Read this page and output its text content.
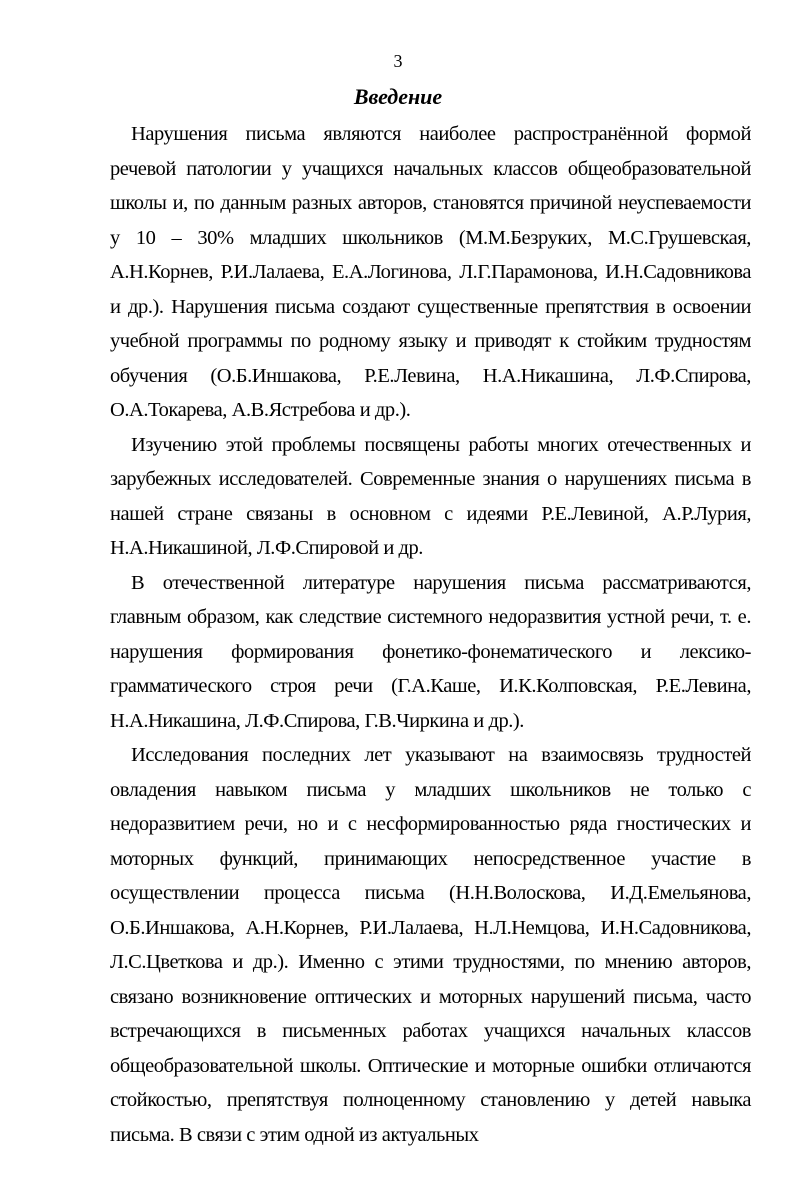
3
Введение

Нарушения письма являются наиболее распространённой формой речевой патологии у учащихся начальных классов общеобразовательной школы и, по данным разных авторов, становятся причиной неуспеваемости у 10 – 30% младших школьников (М.М.Безруких, М.С.Грушевская, А.Н.Корнев, Р.И.Лалаева, Е.А.Логинова, Л.Г.Парамонова, И.Н.Садовникова и др.). Нарушения письма создают существенные препятствия в освоении учебной программы по родному языку и приводят к стойким трудностям обучения (О.Б.Иншакова, Р.Е.Левина, Н.А.Никашина, Л.Ф.Спирова, О.А.Токарева, А.В.Ястребова и др.).

Изучению этой проблемы посвящены работы многих отечественных и зарубежных исследователей. Современные знания о нарушениях письма в нашей стране связаны в основном с идеями Р.Е.Левиной, А.Р.Лурия, Н.А.Никашиной, Л.Ф.Спировой и др.

В отечественной литературе нарушения письма рассматриваются, главным образом, как следствие системного недоразвития устной речи, т. е. нарушения формирования фонетико-фонематического и лексико-грамматического строя речи (Г.А.Каше, И.К.Колповская, Р.Е.Левина, Н.А.Никашина, Л.Ф.Спирова, Г.В.Чиркина и др.).

Исследования последних лет указывают на взаимосвязь трудностей овладения навыком письма у младших школьников не только с недоразвитием речи, но и с несформированностью ряда гностических и моторных функций, принимающих непосредственное участие в осуществлении процесса письма (Н.Н.Волоскова, И.Д.Емельянова, О.Б.Иншакова, А.Н.Корнев, Р.И.Лалаева, Н.Л.Немцова, И.Н.Садовникова, Л.С.Цветкова и др.). Именно с этими трудностями, по мнению авторов, связано возникновение оптических и моторных нарушений письма, часто встречающихся в письменных работах учащихся начальных классов общеобразовательной школы. Оптические и моторные ошибки отличаются стойкостью, препятствуя полноценному становлению у детей навыка письма. В связи с этим одной из актуальных
